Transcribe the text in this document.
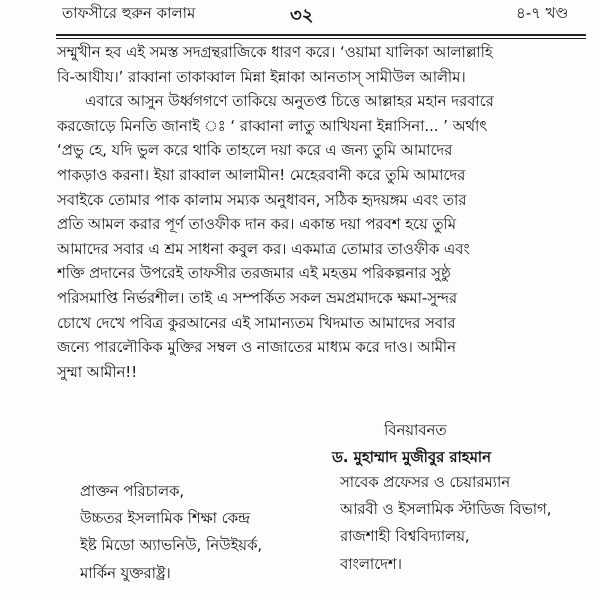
তাফসীরে হুরুন কালাম	৩২	৪-৭ খণ্ড
সম্মুখীন হব এই সমস্ত সদগ্রন্থরাজিকে ধারণ করে। ‘ওয়ামা যালিকা আলাল্লাহি
বি-আযীয।’ রাব্বানা তাকাব্বাল মিন্না ইন্নাকা আনতাস্‌ সামীউল আলীম।
এবারে আসুন উর্ধ্বগগণে তাকিয়ে অনুতপ্ত চিত্তে আল্লাহর মহান দরবারে
করজোড়ে মিনতি জানাই ঃ ‘ রাব্বানা লাতু আখিযনা ইন্নাসিনা... ’ অর্থাৎ
‘প্রভু হে, যদি ভুল করে থাকি তাহলে দয়া করে এ জন্য তুমি আমাদের
পাকড়াও করনা। ইয়া রাব্বাল আলামীন! মেহেরবানী করে তুমি আমাদের
সবাইকে তোমার পাক কালাম সম্যক অনুধাবন, সঠিক হৃদয়ঙ্গম এবং তার
প্রতি আমল করার পূর্ণ তাওফীক দান কর। একান্ত দয়া পরবশ হয়ে তুমি
আমাদের সবার এ শ্রম সাধনা কবুল কর। একমাত্র তোমার তাওফীক এবং
শক্তি প্রদানের উপরেই তাফসীর তরজমার এই মহত্তম পরিকল্পনার সুষ্ঠু
পরিসমাপ্তি নির্ভরশীল। তাই এ সম্পর্কিত সকল ভ্রমপ্রমাদকে ক্ষমা-সুন্দর
চোখে দেখে পবিত্র কুরআনের এই সামান্যতম খিদমাত আমাদের সবার
জন্যে পারলৌকিক মুক্তির সম্বল ও নাজাতের মাধ্যম করে দাও। আমীন
সুম্মা আমীন!!
বিনয়াবনত
ড. মুহাম্মাদ মুজীবুর রাহমান
সাবেক প্রফেসর ও চেয়ারম্যান
আরবী ও ইসলামিক স্টাডিজ বিভাগ,
রাজশাহী বিশ্ববিদ্যালয়,
বাংলাদেশ।
প্রাক্তন পরিচালক,
উচ্চতর ইসলামিক শিক্ষা কেন্দ্র
ইষ্ট মিডো অ্যাভনিউ, নিউইয়র্ক,
মার্কিন যুক্তরাষ্ট্র।
